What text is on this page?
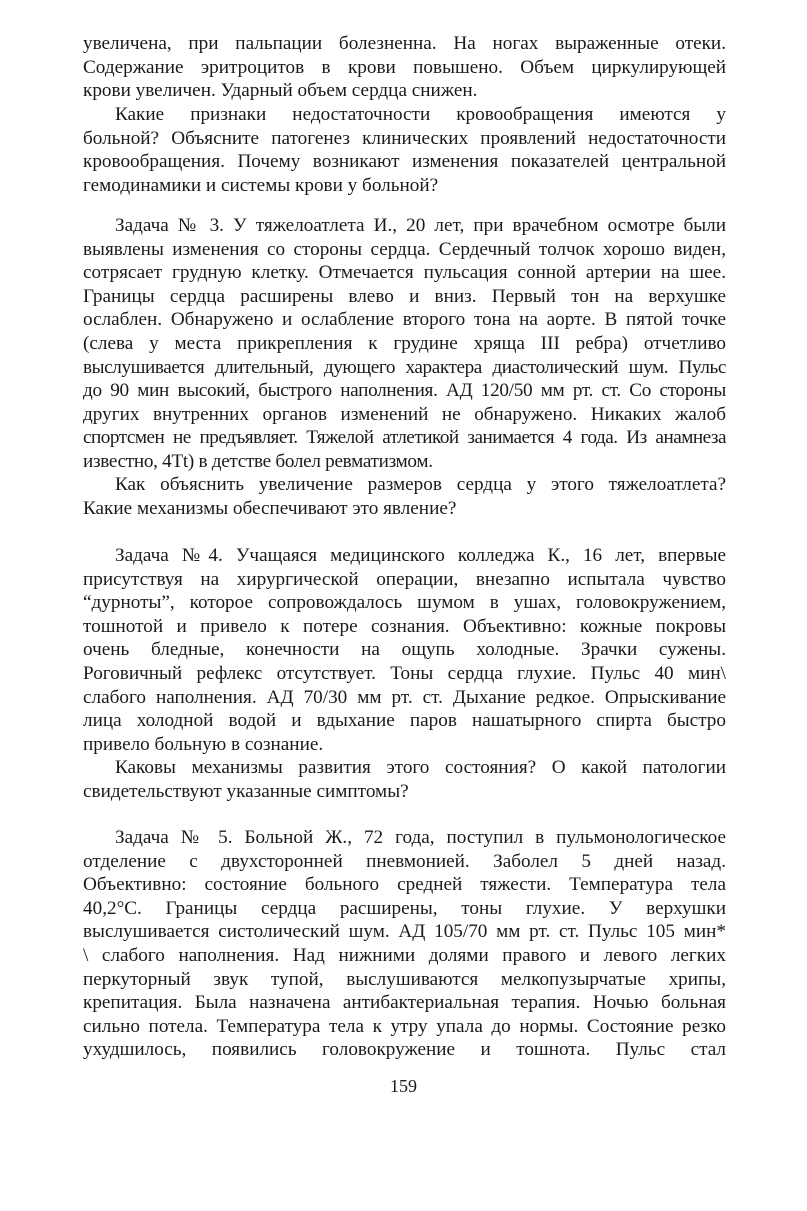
увеличена, при пальпации болезненна. На ногах выраженные отеки.
Содержание эритроцитов в крови повышено. Объем циркулирующей
крови увеличен. Ударный объем сердца снижен.
Какие признаки недостаточности кровообращения имеются у
больной? Объясните патогенез клинических проявлений недостаточности
кровообращения. Почему возникают изменения показателей центральной
гемодинамики и системы крови у больной?
Задача № 3. У тяжелоатлета И., 20 лет, при врачебном осмотре были
выявлены изменения со стороны сердца. Сердечный толчок хорошо виден,
сотрясает грудную клетку. Отмечается пульсация сонной артерии на шее.
Границы сердца расширены влево и вниз. Первый тон на верхушке
ослаблен. Обнаружено и ослабление второго тона на аорте. В пятой точке
(слева у места прикрепления к грудине хряща III ребра) отчетливо
выслушивается длительный, дующего характера диастолический шум. Пульс
до 90 мин высокий, быстрого наполнения. АД 120/50 мм рт. ст. Со стороны
других внутренних органов изменений не обнаружено. Никаких жалоб
спортсмен не предъявляет. Тяжелой атлетикой занимается 4 года. Из анамнеза
известно, 4Tt) в детстве болел ревматизмом.
Как объяснить увеличение размеров сердца у этого тяжелоатлета?
Какие механизмы обеспечивают это явление?
Задача №4. Учащаяся медицинского колледжа К., 16 лет, впервые
присутствуя на хирургической операции, внезапно испытала чувство
“дурноты”, которое сопровождалось шумом в ушах, головокружением,
тошнотой и привело к потере сознания. Объективно: кожные покровы
очень бледные, конечности на ощупь холодные. Зрачки сужены.
Роговичный рефлекс отсутствует. Тоны сердца глухие. Пульс 40 мин\
слабого наполнения. АД 70/30 мм рт. ст. Дыхание редкое. Опрыскивание
лица холодной водой и вдыхание паров нашатырного спирта быстро
привело больную в сознание.
Каковы механизмы развития этого состояния? О какой патологии
свидетельствуют указанные симптомы?
Задача № 5. Больной Ж., 72 года, поступил в пульмонологическое
отделение с двухсторонней пневмонией. Заболел 5 дней назад.
Объективно: состояние больного средней тяжести. Температура тела
40,2°С. Границы сердца расширены, тоны глухие. У верхушки
выслушивается систолический шум. АД 105/70 мм рт. ст. Пульс 105 мин*
\ слабого наполнения. Над нижними долями правого и левого легких
перкуторный звук тупой, выслушиваются мелкопузырчатые хрипы,
крепитация. Была назначена антибактериальная терапия. Ночью больная
сильно потела. Температура тела к утру упала до нормы. Состояние резко
ухудшилось, появились головокружение и тошнота. Пульс стал
159
